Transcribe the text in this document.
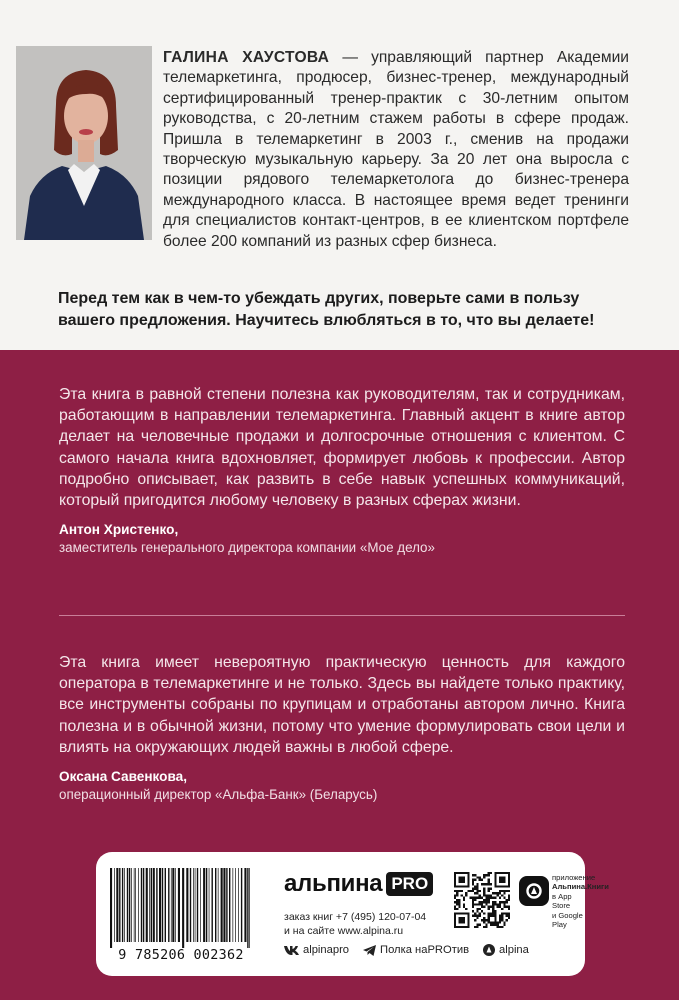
ГАЛИНА ХАУСТОВА — управляющий партнер Академии телемаркетинга, продюсер, бизнес-тренер, международный сертифицированный тренер-практик с 30-летним опытом руководства, с 20-летним стажем работы в сфере продаж. Пришла в телемаркетинг в 2003 г., сменив на продажи творческую музыкальную карьеру. За 20 лет она выросла с позиции рядового телемаркетолога до бизнес-тренера международного класса. В настоящее время ведет тренинги для специалистов контакт-центров, в ее клиентском портфеле более 200 компаний из разных сфер бизнеса.

Перед тем как в чем-то убеждать других, поверьте сами в пользу вашего предложения. Научитесь влюбляться в то, что вы делаете!

Эта книга в равной степени полезна как руководителям, так и сотрудникам, работающим в направлении телемаркетинга. Главный акцент в книге автор делает на человечные продажи и долгосрочные отношения с клиентом. С самого начала книга вдохновляет, формирует любовь к профессии. Автор подробно описывает, как развить в себе навык успешных коммуникаций, который пригодится любому человеку в разных сферах жизни.

Антон Христенко,
заместитель генерального директора компании «Мое дело»

Эта книга имеет невероятную практическую ценность для каждого оператора в телемаркетинге и не только. Здесь вы найдете только практику, все инструменты собраны по крупицам и отработаны автором лично. Книга полезна и в обычной жизни, потому что умение формулировать свои цели и влиять на окружающих людей важны в любой сфере.

Оксана Савенкова,
операционный директор «Альфа-Банк» (Беларусь)
9 785206 002362
альпина PRO
заказ книг +7 (495) 120-07-04
и на сайте www.alpina.ru
приложение
Альпина.Книги
в App Store
и Google Play
alpinapro	Полка наPROтив	alpina
